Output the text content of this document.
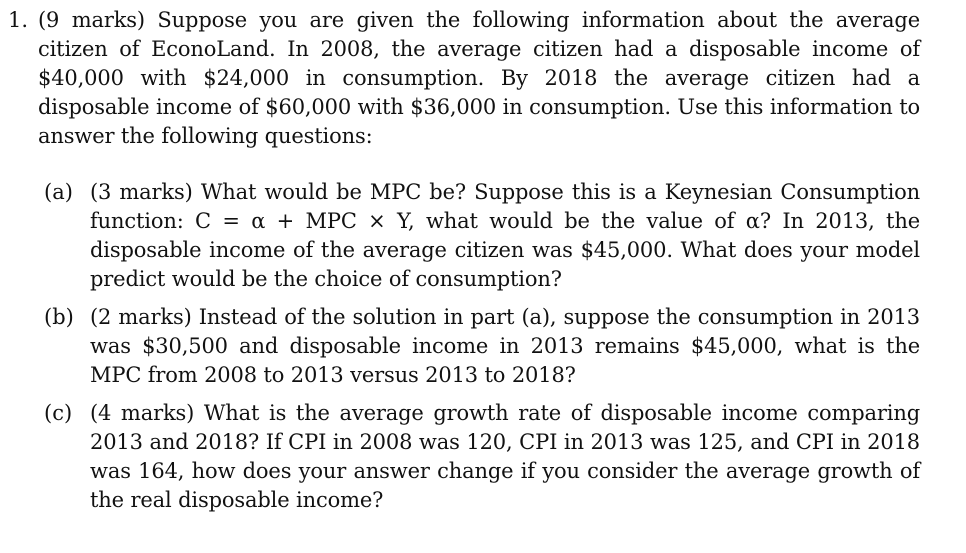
1. (9 marks) Suppose you are given the following information about the average citizen of EconoLand. In 2008, the average citizen had a disposable income of $40,000 with $24,000 in consumption. By 2018 the average citizen had a disposable income of $60,000 with $36,000 in consumption. Use this information to answer the following questions:
(a) (3 marks) What would be MPC be? Suppose this is a Keynesian Consumption function: C = α + MPC × Y, what would be the value of α? In 2013, the disposable income of the average citizen was $45,000. What does your model predict would be the choice of consumption?
(b) (2 marks) Instead of the solution in part (a), suppose the consumption in 2013 was $30,500 and disposable income in 2013 remains $45,000, what is the MPC from 2008 to 2013 versus 2013 to 2018?
(c) (4 marks) What is the average growth rate of disposable income comparing 2013 and 2018? If CPI in 2008 was 120, CPI in 2013 was 125, and CPI in 2018 was 164, how does your answer change if you consider the average growth of the real disposable income?
